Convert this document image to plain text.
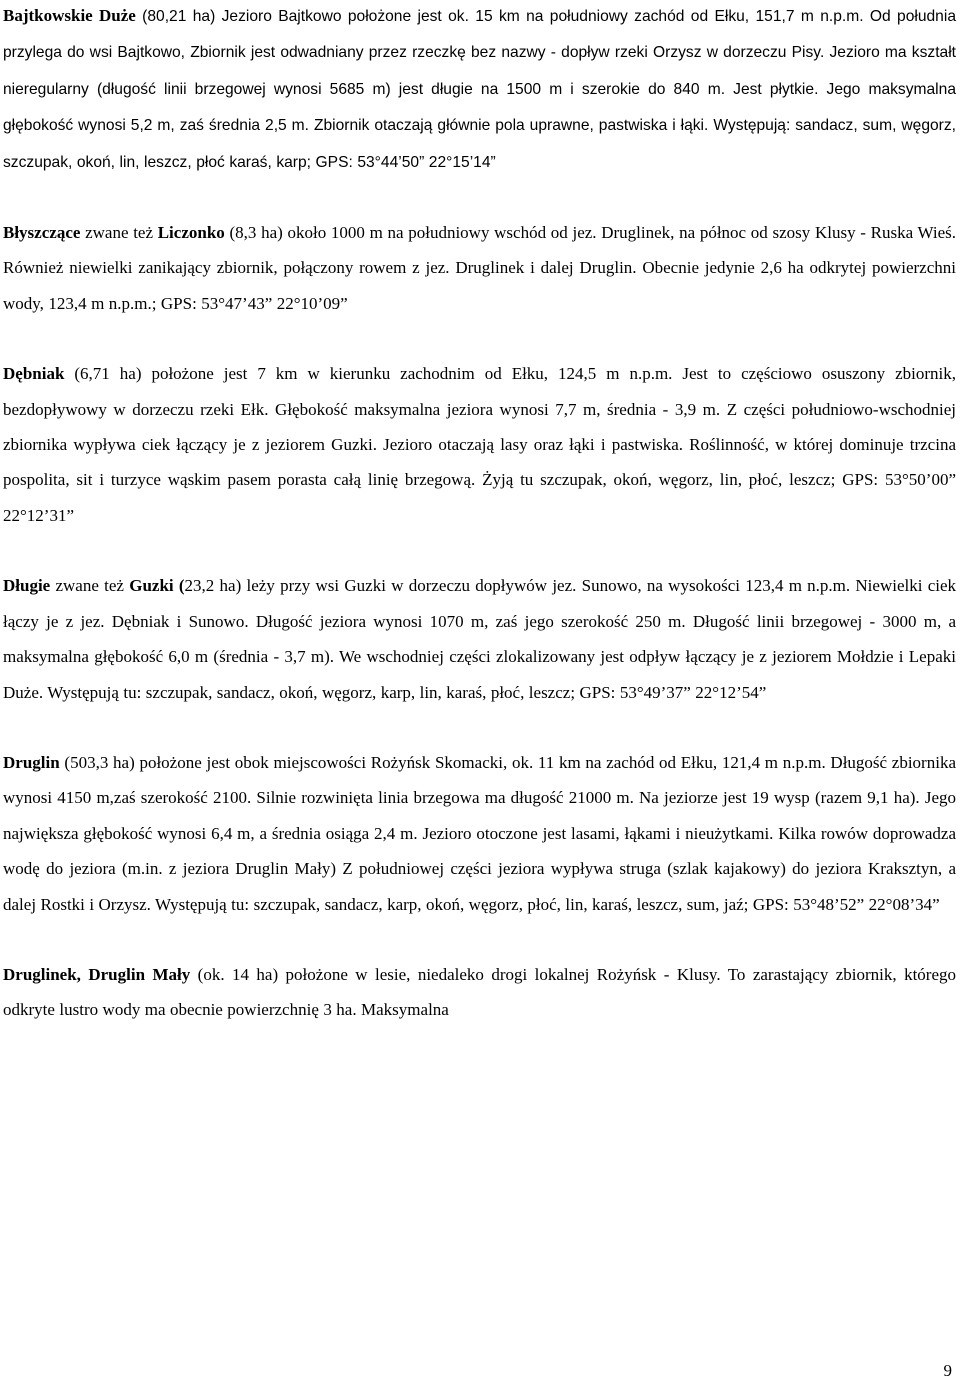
Bajtkowskie Duże (80,21 ha) Jezioro Bajtkowo położone jest ok. 15 km na południowy zachód od Ełku, 151,7 m n.p.m. Od południa przylega do wsi Bajtkowo, Zbiornik jest odwadniany przez rzeczkę bez nazwy - dopływ rzeki Orzysz w dorzeczu Pisy. Jezioro ma kształt nieregularny (długość linii brzegowej wynosi 5685 m) jest długie na 1500 m i szerokie do 840 m. Jest płytkie. Jego maksymalna głębokość wynosi 5,2 m, zaś średnia 2,5 m. Zbiornik otaczają głównie pola uprawne, pastwiska i łąki. Występują: sandacz, sum, węgorz, szczupak, okoń, lin, leszcz, płoć karaś, karp; GPS: 53°44’50” 22°15’14”

Błyszczące zwane też Liczonko (8,3 ha) około 1000 m na południowy wschód od jez. Druglinek, na północ od szosy Klusy - Ruska Wieś. Również niewielki zanikający zbiornik, połączony rowem z jez. Druglinek i dalej Druglin. Obecnie jedynie 2,6 ha odkrytej powierzchni wody, 123,4 m n.p.m.; GPS: 53°47’43” 22°10’09”

Dębniak (6,71 ha) położone jest 7 km w kierunku zachodnim od Ełku, 124,5 m n.p.m. Jest to częściowo osuszony zbiornik, bezdopływowy w dorzeczu rzeki Ełk. Głębokość maksymalna jeziora wynosi 7,7 m, średnia - 3,9 m. Z części południowo-wschodniej zbiornika wypływa ciek łączący je z jeziorem Guzki. Jezioro otaczają lasy oraz łąki i pastwiska. Roślinność, w której dominuje trzcina pospolita, sit i turzyce wąskim pasem porasta całą linię brzegową. Żyją tu szczupak, okoń, węgorz, lin, płoć, leszcz; GPS: 53°50’00” 22°12’31”

Długie zwane też Guzki (23,2 ha) leży przy wsi Guzki w dorzeczu dopływów jez. Sunowo, na wysokości 123,4 m n.p.m. Niewielki ciek łączy je z jez. Dębniak i Sunowo. Długość jeziora wynosi 1070 m, zaś jego szerokość 250 m. Długość linii brzegowej - 3000 m, a maksymalna głębokość 6,0 m (średnia - 3,7 m). We wschodniej części zlokalizowany jest odpływ łączący je z jeziorem Mołdzie i Lepaki Duże. Występują tu: szczupak, sandacz, okoń, węgorz, karp, lin, karaś, płoć, leszcz; GPS: 53°49’37” 22°12’54”

Druglin (503,3 ha) położone jest obok miejscowości Rożyńsk Skomacki, ok. 11 km na zachód od Ełku, 121,4 m n.p.m. Długość zbiornika wynosi 4150 m,zaś szerokość 2100. Silnie rozwinięta linia brzegowa ma długość 21000 m. Na jeziorze jest 19 wysp (razem 9,1 ha). Jego największa głębokość wynosi 6,4 m, a średnia osiąga 2,4 m. Jezioro otoczone jest lasami, łąkami i nieużytkami. Kilka rowów doprowadza wodę do jeziora (m.in. z jeziora Druglin Mały) Z południowej części jeziora wypływa struga (szlak kajakowy) do jeziora Kraksztyn, a dalej Rostki i Orzysz. Występują tu: szczupak, sandacz, karp, okoń, węgorz, płoć, lin, karaś, leszcz, sum, jaź; GPS: 53°48’52” 22°08’34”

Druglinek, Druglin Mały (ok. 14 ha) położone w lesie, niedaleko drogi lokalnej Rożyńsk - Klusy. To zarastający zbiornik, którego odkryte lustro wody ma obecnie powierzchnię 3 ha. Maksymalna

9
